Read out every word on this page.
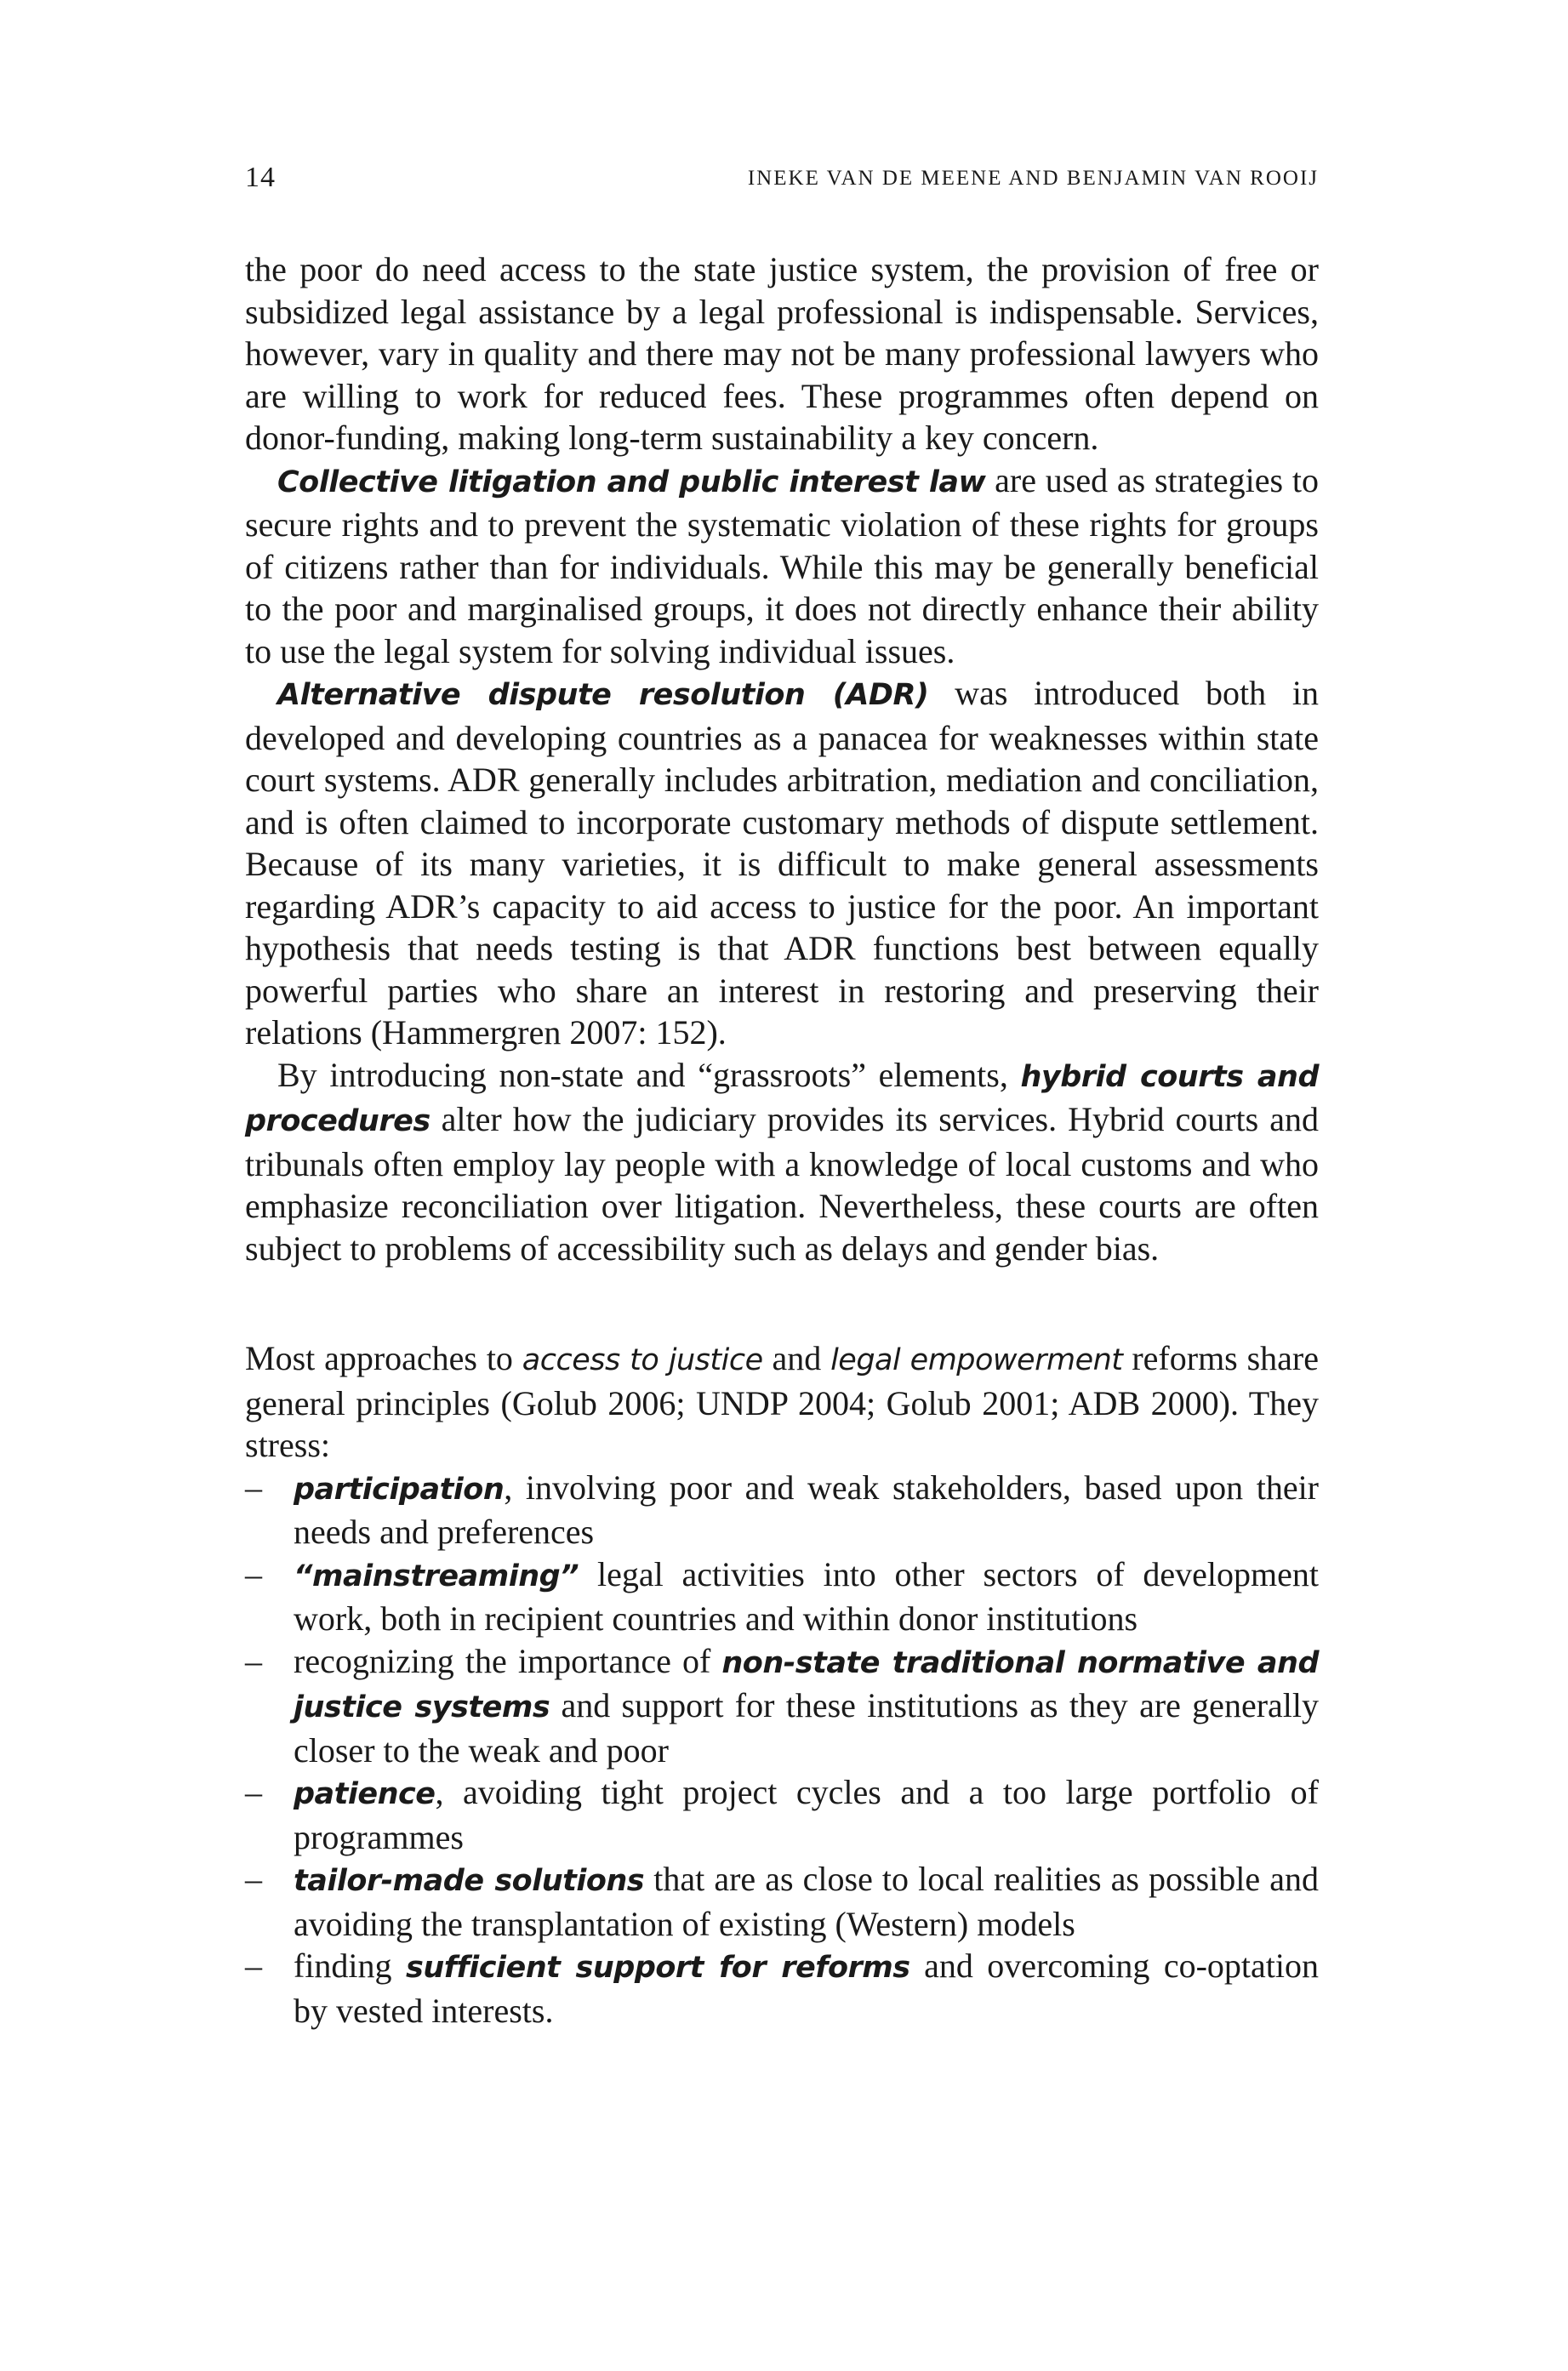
14	INEKE VAN DE MEENE AND BENJAMIN VAN ROOIJ

the poor do need access to the state justice system, the provision of free or subsidized legal assistance by a legal professional is indispensable. Services, however, vary in quality and there may not be many professional lawyers who are willing to work for reduced fees. These programmes often depend on donor-funding, making long-term sustainability a key concern.

Collective litigation and public interest law are used as strategies to secure rights and to prevent the systematic violation of these rights for groups of citizens rather than for individuals. While this may be generally beneficial to the poor and marginalised groups, it does not directly enhance their ability to use the legal system for solving individual issues.

Alternative dispute resolution (ADR) was introduced both in developed and developing countries as a panacea for weaknesses within state court systems. ADR generally includes arbitration, mediation and conciliation, and is often claimed to incorporate customary methods of dispute settlement. Because of its many varieties, it is difficult to make general assessments regarding ADR’s capacity to aid access to justice for the poor. An important hypothesis that needs testing is that ADR functions best between equally powerful parties who share an interest in restoring and preserving their relations (Hammergren 2007: 152).

By introducing non-state and “grassroots” elements, hybrid courts and procedures alter how the judiciary provides its services. Hybrid courts and tribunals often employ lay people with a knowledge of local customs and who emphasize reconciliation over litigation. Nevertheless, these courts are often subject to problems of accessibility such as delays and gender bias.

Most approaches to access to justice and legal empowerment reforms share general principles (Golub 2006; UNDP 2004; Golub 2001; ADB 2000). They stress:

– participation, involving poor and weak stakeholders, based upon their needs and preferences
– “mainstreaming” legal activities into other sectors of development work, both in recipient countries and within donor institutions
– recognizing the importance of non-state traditional normative and justice systems and support for these institutions as they are generally closer to the weak and poor
– patience, avoiding tight project cycles and a too large portfolio of programmes
– tailor-made solutions that are as close to local realities as possible and avoiding the transplantation of existing (Western) models
– finding sufficient support for reforms and overcoming co-optation by vested interests.
